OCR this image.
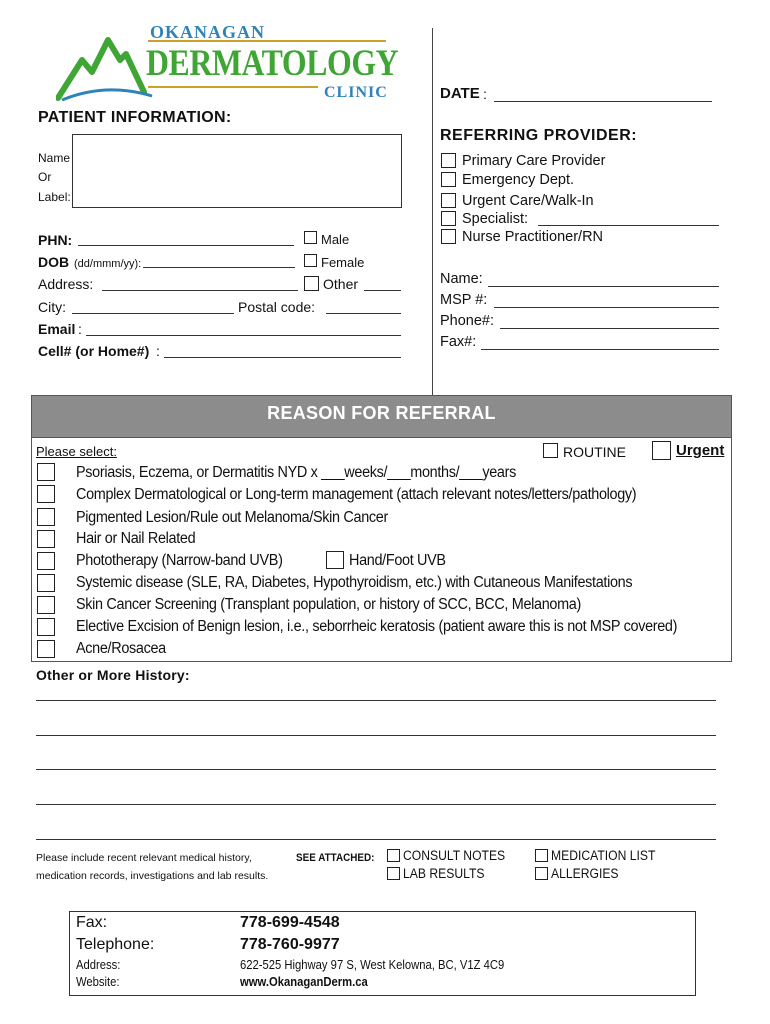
OKANAGAN
DERMATOLOGY
CLINIC	DATE :
PATIENT INFORMATION:
Name
Or
Label:
PHN:	Male
DOB (dd/mmm/yy):	Female
Address:	Other
City:	Postal code:
Email :
Cell# (or Home#) :
REFERRING PROVIDER:
Primary Care Provider
Emergency Dept.
Urgent Care/Walk-In
Specialist:
Nurse Practitioner/RN
Name:
MSP #:
Phone#:
Fax#:
REASON FOR REFERRAL
Please select:	ROUTINE	Urgent
Psoriasis, Eczema, or Dermatitis NYD x ___weeks/___months/___years
Complex Dermatological or Long-term management (attach relevant notes/letters/pathology)
Pigmented Lesion/Rule out Melanoma/Skin Cancer
Hair or Nail Related
Phototherapy (Narrow-band UVB)	Hand/Foot UVB
Systemic disease (SLE, RA, Diabetes, Hypothyroidism, etc.) with Cutaneous Manifestations
Skin Cancer Screening (Transplant population, or history of SCC, BCC, Melanoma)
Elective Excision of Benign lesion, i.e., seborrheic keratosis (patient aware this is not MSP covered)
Acne/Rosacea
Other or More History:
Please include recent relevant medical history,
medication records, investigations and lab results.
SEE ATTACHED: CONSULT NOTES
LAB RESULTS
MEDICATION LIST
ALLERGIES
Fax:	778-699-4548
Telephone:	778-760-9977
Address:	622-525 Highway 97 S, West Kelowna, BC, V1Z 4C9
Website:	www.OkanaganDerm.ca
